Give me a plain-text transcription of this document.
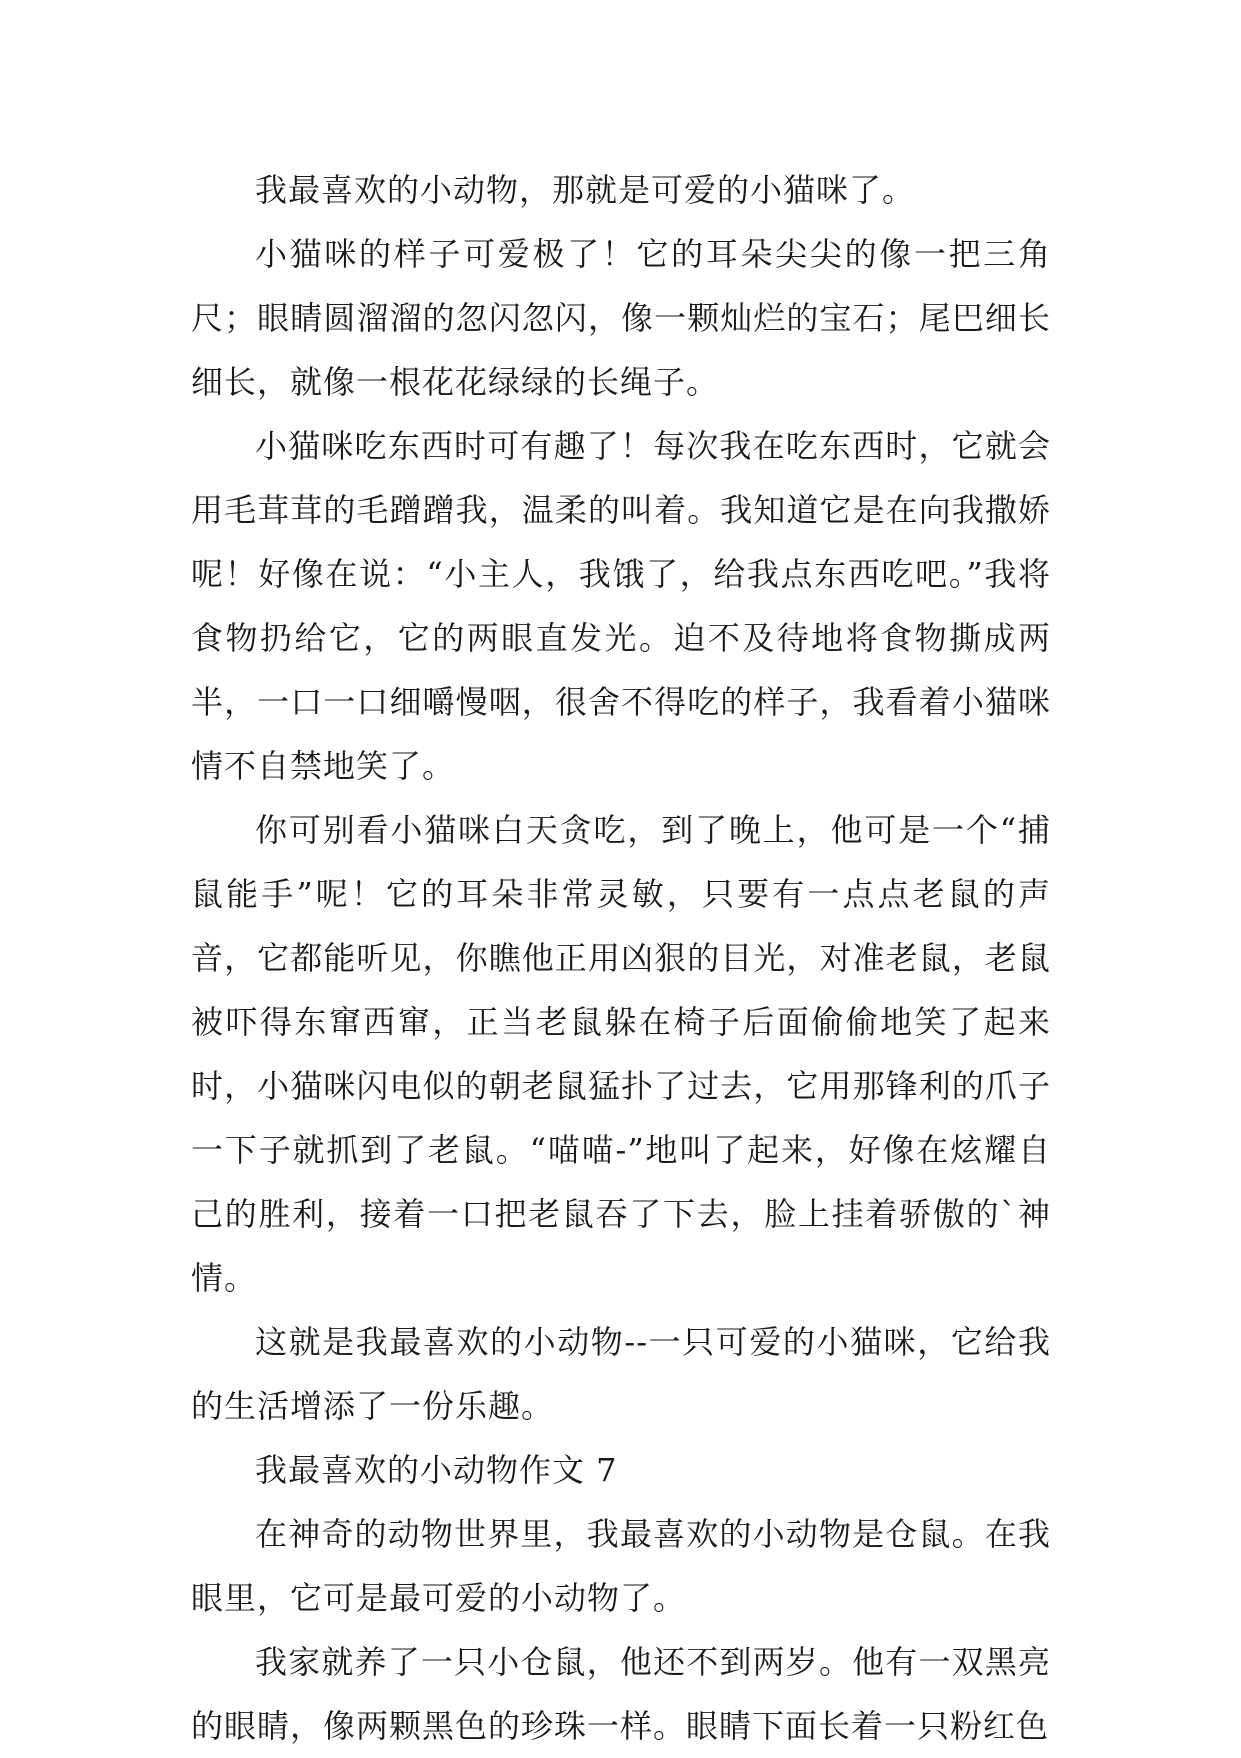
我最喜欢的小动物，那就是可爱的小猫咪了。

小猫咪的样子可爱极了！它的耳朵尖尖的像一把三角尺；眼睛圆溜溜的忽闪忽闪，像一颗灿烂的宝石；尾巴细长细长，就像一根花花绿绿的长绳子。

小猫咪吃东西时可有趣了！每次我在吃东西时，它就会用毛茸茸的毛蹭蹭我，温柔的叫着。我知道它是在向我撒娇呢！好像在说：“小主人，我饿了，给我点东西吃吧。”我将食物扔给它，它的两眼直发光。迫不及待地将食物撕成两半，一口一口细嚼慢咽，很舍不得吃的样子，我看着小猫咪情不自禁地笑了。

你可别看小猫咪白天贪吃，到了晚上，他可是一个“捕鼠能手”呢！它的耳朵非常灵敏，只要有一点点老鼠的声音，它都能听见，你瞧他正用凶狠的目光，对准老鼠，老鼠被吓得东窜西窜，正当老鼠躲在椅子后面偷偷地笑了起来时，小猫咪闪电似的朝老鼠猛扑了过去，它用那锋利的爪子一下子就抓到了老鼠。“喵喵-”地叫了起来，好像在炫耀自己的胜利，接着一口把老鼠吞了下去，脸上挂着骄傲的`神情。

这就是我最喜欢的小动物--一只可爱的小猫咪，它给我的生活增添了一份乐趣。

我最喜欢的小动物作文 7

在神奇的动物世界里，我最喜欢的小动物是仓鼠。在我眼里，它可是最可爱的小动物了。

我家就养了一只小仓鼠，他还不到两岁。他有一双黑亮的眼睛，像两颗黑色的珍珠一样。眼睛下面长着一只粉红色
